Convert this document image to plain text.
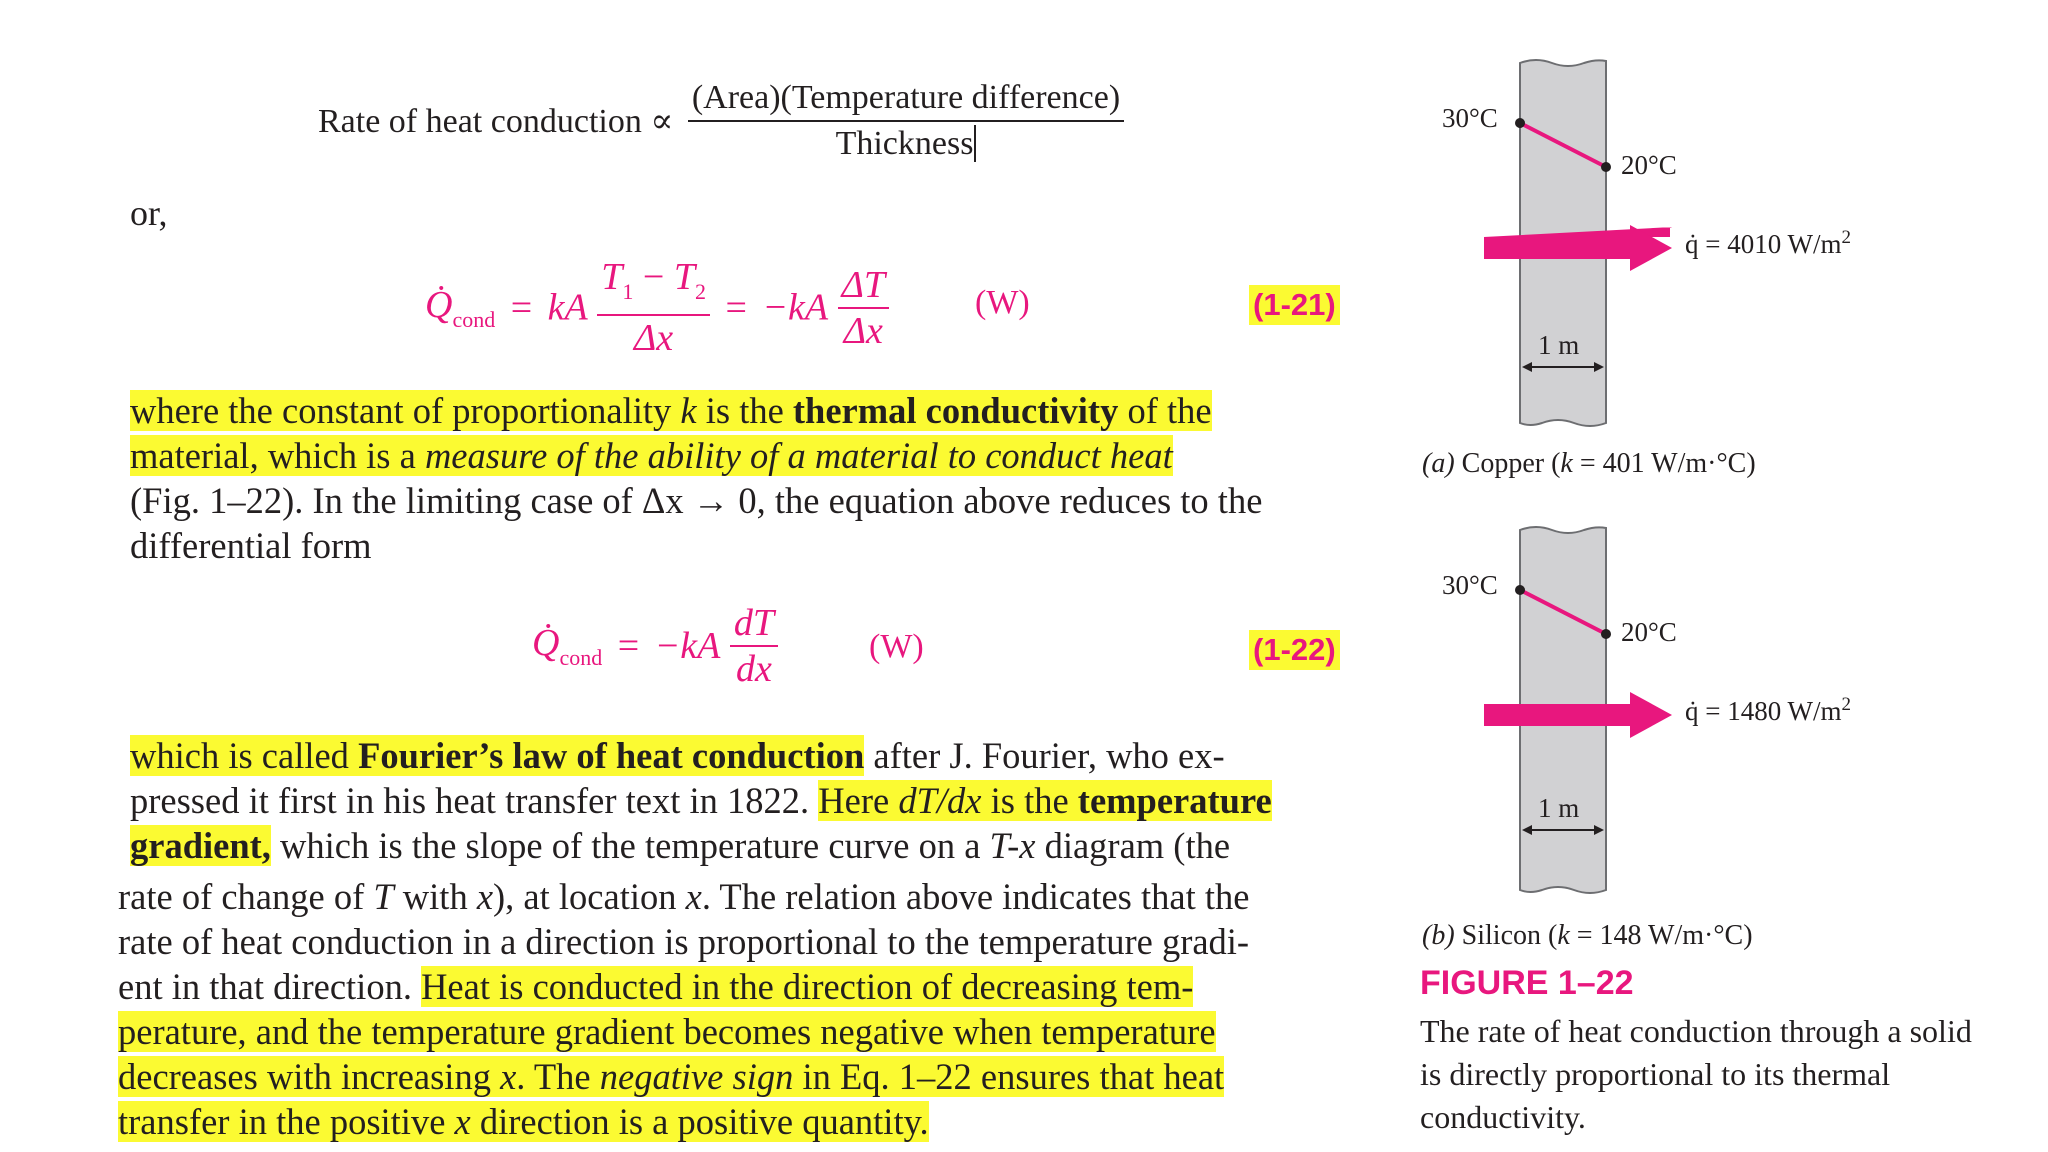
Rate of heat conduction ∝ $\frac{\text{(Area)(Temperature difference)}}{\text{Thickness}}$
or,
$Q̇_{cond}$ = kA $\frac{T_1 - T_2}{\Delta x} = -kA \frac{\Delta T}{\Delta x}$	(W)	(1-21)
where the constant of proportionality k is the thermal conductivity of the
material, which is a measure of the ability of a material to conduct heat
(Fig. 1–22). In the limiting case of Δx → 0, the equation above reduces to the
differential form
$Q̇_{cond} = -kA \frac{dT}{dx}$	(W)	(1-22)
which is called Fourier’s law of heat conduction after J. Fourier, who ex-
pressed it first in his heat transfer text in 1822. Here dT/dx is the temperature
gradient, which is the slope of the temperature curve on a T-x diagram (the
rate of change of T with x), at location x. The relation above indicates that the
rate of heat conduction in a direction is proportional to the temperature gradi-
ent in that direction. Heat is conducted in the direction of decreasing tem-
perature, and the temperature gradient becomes negative when temperature
decreases with increasing x. The negative sign in Eq. 1–22 ensures that heat
transfer in the positive x direction is a positive quantity.
30°C
20°C
q̇ = 4010 $W/m^2$
1 m
(a) Copper (k = 401 W/m·°C)
30°C
20°C
q̇ = 1480 $W/m^2$
1 m
(b) Silicon (k = 148 W/m·°C)
FIGURE 1–22
The rate of heat conduction through a solid is directly proportional to its thermal conductivity.
